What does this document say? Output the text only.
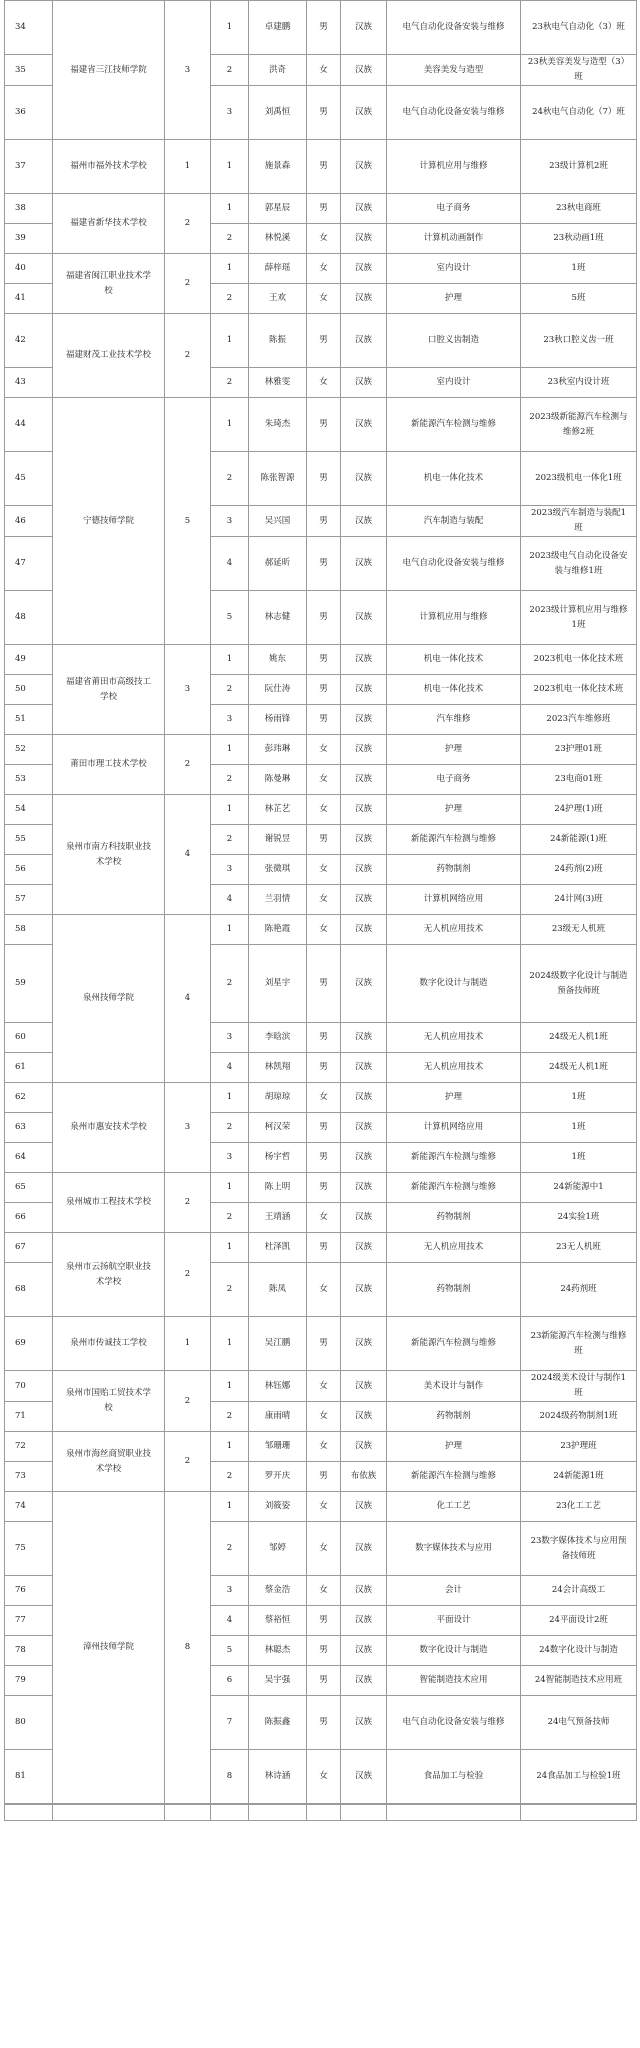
34	福建省三江技师学院	3	1	卓建鹏	男	汉族	电气自动化设备安装与维修	23秋电气自动化（3）班
35			2	洪奇	女	汉族	美容美发与造型	23秋美容美发与造型（3）班
36			3	刘禹恒	男	汉族	电气自动化设备安装与维修	24秋电气自动化（7）班
37	福州市福外技术学校	1	1	施景森	男	汉族	计算机应用与维修	23级计算机2班
38	福建省新华技术学校	2	1	郭星辰	男	汉族	电子商务	23秋电商班
39			2	林悦溪	女	汉族	计算机动画制作	23秋动画1班
40	福建省闽江职业技术学校	2	1	薛梓瑶	女	汉族	室内设计	1班
41			2	王欢	女	汉族	护理	5班
42	福建财茂工业技术学校	2	1	陈振	男	汉族	口腔义齿制造	23秋口腔义齿一班
43			2	林雅雯	女	汉族	室内设计	23秋室内设计班
44	宁德技师学院	5	1	朱琦杰	男	汉族	新能源汽车检测与维修	2023级新能源汽车检测与维修2班
45			2	陈张智源	男	汉族	机电一体化技术	2023级机电一体化1班
46			3	吴兴国	男	汉族	汽车制造与装配	2023级汽车制造与装配1班
47			4	郝延昕	男	汉族	电气自动化设备安装与维修	2023级电气自动化设备安装与维修1班
48			5	林志健	男	汉族	计算机应用与维修	2023级计算机应用与维修1班
49	福建省莆田市高级技工学校	3	1	姚东	男	汉族	机电一体化技术	2023机电一体化技术班
50			2	阮仕涛	男	汉族	机电一体化技术	2023机电一体化技术班
51			3	杨雨锋	男	汉族	汽车维修	2023汽车维修班
52	莆田市理工技术学校	2	1	彭玮琳	女	汉族	护理	23护理01班
53			2	陈曼琳	女	汉族	电子商务	23电商01班
54	泉州市南方科技职业技术学校	4	1	林芷艺	女	汉族	护理	24护理(1)班
55			2	谢锐昱	男	汉族	新能源汽车检测与维修	24新能源(1)班
56			3	张微琪	女	汉族	药物制剂	24药剂(2)班
57			4	兰羽情	女	汉族	计算机网络应用	24计网(3)班
58	泉州技师学院	4	1	陈艳霞	女	汉族	无人机应用技术	23级无人机班
59			2	刘星宇	男	汉族	数字化设计与制造	2024级数字化设计与制造预备技师班
60			3	李晗滨	男	汉族	无人机应用技术	24级无人机1班
61			4	林凯翔	男	汉族	无人机应用技术	24级无人机1班
62	泉州市惠安技术学校	3	1	胡琼琼	女	汉族	护理	1班
63			2	柯汉荣	男	汉族	计算机网络应用	1班
64			3	杨宇哲	男	汉族	新能源汽车检测与维修	1班
65	泉州城市工程技术学校	2	1	陈上明	男	汉族	新能源汽车检测与维修	24新能源中1
66			2	王靖涵	女	汉族	药物制剂	24实验1班
67	泉州市云扬航空职业技术学校	2	1	杜泽凯	男	汉族	无人机应用技术	23无人机班
68			2	陈凤	女	汉族	药物制剂	24药剂班
69	泉州市传诚技工学校	1	1	吴江鹏	男	汉族	新能源汽车检测与维修	23新能源汽车检测与维修班
70	泉州市国贻工贸技术学校	2	1	林钰娜	女	汉族	美术设计与制作	2024级美术设计与制作1班
71			2	康雨晴	女	汉族	药物制剂	2024级药物制剂1班
72	泉州市海丝商贸职业技术学校	2	1	邹珊珊	女	汉族	护理	23护理班
73			2	罗开庆	男	布依族	新能源汽车检测与维修	24新能源1班
74	漳州技师学院	8	1	刘筱姿	女	汉族	化工工艺	23化工工艺
75			2	邹婷	女	汉族	数字媒体技术与应用	23数字媒体技术与应用预备技师班
76			3	蔡金浩	女	汉族	会计	24会计高级工
77			4	蔡裕恒	男	汉族	平面设计	24平面设计2班
78			5	林聪杰	男	汉族	数字化设计与制造	24数字化设计与制造
79			6	吴宇强	男	汉族	智能制造技术应用	24智能制造技术应用班
80			7	陈振鑫	男	汉族	电气自动化设备安装与维修	24电气预备技师
81			8	林诗涵	女	汉族	食品加工与检验	24食品加工与检验1班
